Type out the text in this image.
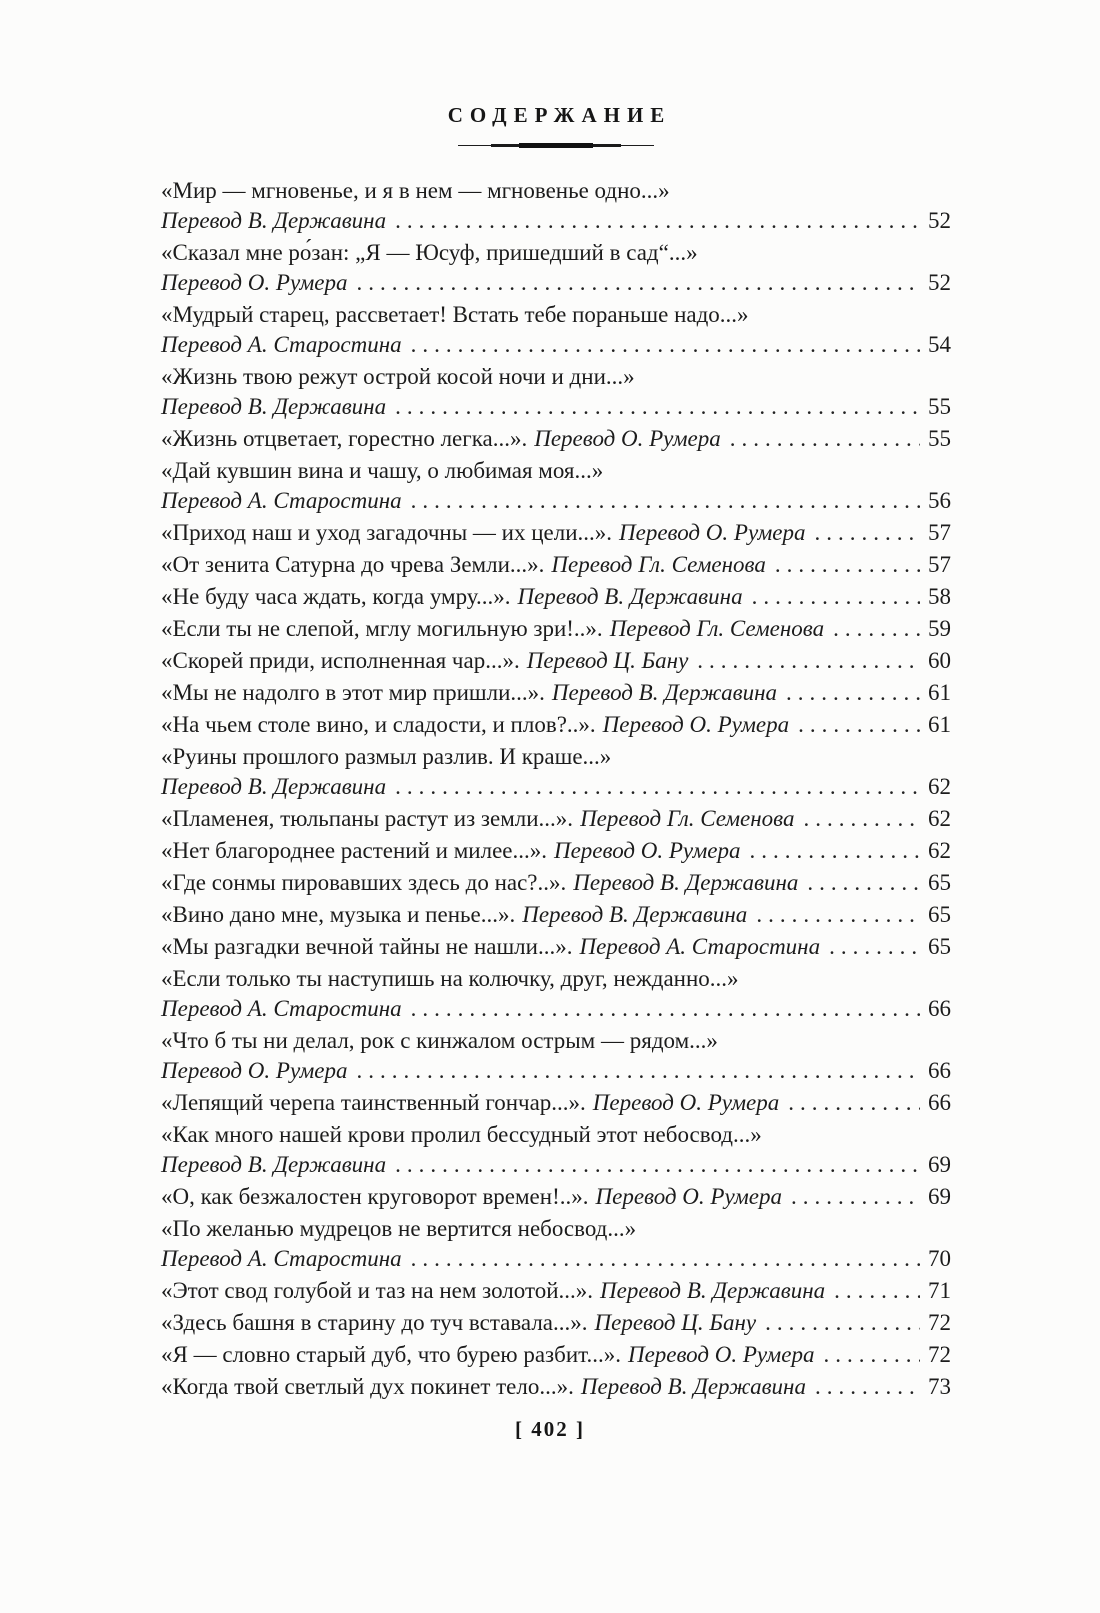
СОДЕРЖАНИЕ
«Мир — мгновенье, и я в нем — мгновенье одно...»
Перевод В. Державина .....	52
«Сказал мне ро́зан: „Я — Юсуф, пришедший в сад“...»
Перевод О. Румера .....	52
«Мудрый старец, рассветает! Встать тебе пораньше надо...»
Перевод А. Старостина .....	54
«Жизнь твою режут острой косой ночи и дни...»
Перевод В. Державина .....	55
«Жизнь отцветает, горестно легка...». Перевод О. Румера .....	55
«Дай кувшин вина и чашу, о любимая моя...»
Перевод А. Старостина .....	56
«Приход наш и уход загадочны — их цели...». Перевод О. Румера .....	57
«От зенита Сатурна до чрева Земли...». Перевод Гл. Семенова .....	57
«Не буду часа ждать, когда умру...». Перевод В. Державина .....	58
«Если ты не слепой, мглу могильную зри!..». Перевод Гл. Семенова .....	59
«Скорей приди, исполненная чар...». Перевод Ц. Бану .....	60
«Мы не надолго в этот мир пришли...». Перевод В. Державина .....	61
«На чьем столе вино, и сладости, и плов?..». Перевод О. Румера .....	61
«Руины прошлого размыл разлив. И краше...»
Перевод В. Державина .....	62
«Пламенея, тюльпаны растут из земли...». Перевод Гл. Семенова .....	62
«Нет благороднее растений и милее...». Перевод О. Румера .....	62
«Где сонмы пировавших здесь до нас?..». Перевод В. Державина .....	65
«Вино дано мне, музыка и пенье...». Перевод В. Державина .....	65
«Мы разгадки вечной тайны не нашли...». Перевод А. Старостина .....	65
«Если только ты наступишь на колючку, друг, нежданно...»
Перевод А. Старостина .....	66
«Что б ты ни делал, рок с кинжалом острым — рядом...»
Перевод О. Румера .....	66
«Лепящий черепа таинственный гончар...». Перевод О. Румера .....	66
«Как много нашей крови пролил бессудный этот небосвод...»
Перевод В. Державина .....	69
«О, как безжалостен круговорот времен!..». Перевод О. Румера .....	69
«По желанью мудрецов не вертится небосвод...»
Перевод А. Старостина .....	70
«Этот свод голубой и таз на нем золотой...». Перевод В. Державина .....	71
«Здесь башня в старину до туч вставала...». Перевод Ц. Бану .....	72
«Я — словно старый дуб, что бурею разбит...». Перевод О. Румера .....	72
«Когда твой светлый дух покинет тело...». Перевод В. Державина .....	73
[ 402 ]
